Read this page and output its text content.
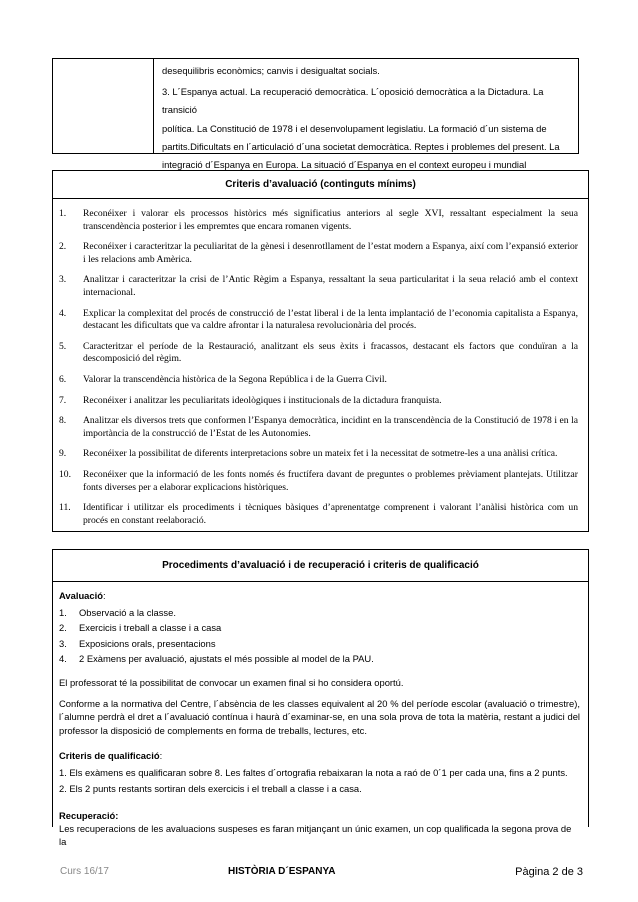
desequilibris econòmics; canvis i desigualtat socials.

3. L´Espanya actual. La recuperació democràtica. L´oposició democràtica a la Dictadura. La transició

política. La Constitució de 1978 i el desenvolupament legislatiu. La formació d´un sistema de

partits.Dificultats en l´articulació d´una societat democràtica. Reptes i problemes del present. La

integració d´Espanya en Europa. La situació d´Espanya en el context europeu i mundial

Criteris d’avaluació (continguts mínims)
1.	Reconéixer i valorar els processos històrics més significatius anteriors al segle XVI, ressaltant especialment la seua transcendència posterior i les empremtes que encara romanen vigents.
2.	Reconéixer i caracteritzar la peculiaritat de la gènesi i desenrotllament de l’estat modern a Espanya, així com l’expansió exterior i les relacions amb Amèrica.
3.	Analitzar i caracteritzar la crisi de l’Antic Règim a Espanya, ressaltant la seua particularitat i la seua relació amb el context internacional.
4.	Explicar la complexitat del procés de construcció de l’estat liberal i de la lenta implantació de l’economia capitalista a Espanya, destacant les dificultats que va caldre afrontar i la naturalesa revolucionària del procés.
5.	Caracteritzar el període de la Restauració, analitzant els seus èxits i fracassos, destacant els factors que conduïran a la descomposició del règim.
6.	Valorar la transcendència històrica de la Segona República i de la Guerra Civil.
7.	Reconéixer i analitzar les peculiaritats ideològiques i institucionals de la dictadura franquista.
8.	Analitzar els diversos trets que conformen l’Espanya democràtica, incidint en la transcendència de la Constitució de 1978 i en la importància de la construcció de l’Estat de les Autonomies.
9.	Reconéixer la possibilitat de diferents interpretacions sobre un mateix fet i la necessitat de sotmetre-les a una anàlisi crítica.
10.	Reconéixer que la informació de les fonts només és fructífera davant de preguntes o problemes prèviament plantejats. Utilitzar fonts diverses per a elaborar explicacions històriques.
11.	Identificar i utilitzar els procediments i tècniques bàsiques d’aprenentatge comprenent i valorant l’anàlisi històrica com un procés en constant reelaboració.
Procediments d’avaluació i de recuperació i criteris de qualificació

Avaluació:

1.	Observació a la classe.
2.	Exercicis i treball a classe i a casa
3.	Exposicions orals, presentacions
4.	2 Exàmens per avaluació, ajustats el més possible al model de la PAU.

El professorat té la possibilitat de convocar un examen final si ho considera oportú.

Conforme a la normativa del Centre, l´absència de les classes equivalent al 20 % del període escolar (avaluació o trimestre), l´alumne perdrà el dret a l´avaluació contínua i haurà d´examinar-se, en una sola prova de tota la matèria, restant a judici del professor la disposició de complements en forma de treballs, lectures, etc.

Criteris de qualificació:

1. Els exàmens es qualificaran sobre 8. Les faltes d´ortografia rebaixaran la nota a raó de 0´1 per cada una, fins a 2 punts.

2. Els 2 punts restants sortiran dels exercicis i el treball a classe i a casa.

Recuperació:

Les recuperacions de les avaluacions suspeses es faran mitjançant un únic examen, un cop qualificada la segona prova de la

Curs 16/17	HISTÒRIA D´ESPANYA	Pàgina 2 de 3
